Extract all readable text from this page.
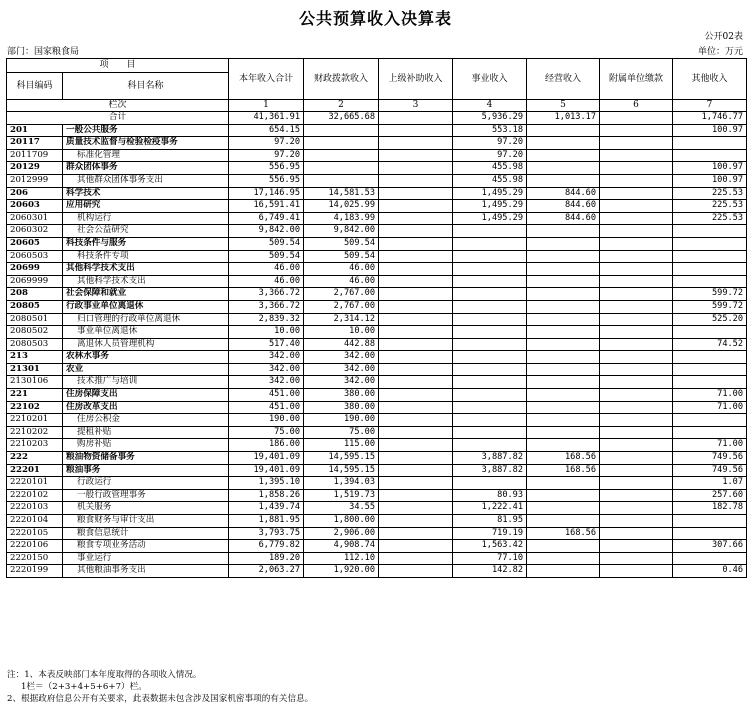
公共预算收入决算表
公开02表
部门：国家粮食局	单位：万元
项　　目		本年收入合计	财政拨款收入	上级补助收入	事业收入	经营收入	附属单位缴款	其他收入
科目编码	科目名称							
栏次		1	2	3	4	5	6	7
合计		41,361.91	32,665.68		5,936.29	1,013.17		1,746.77
201	一般公共服务	654.15			553.18			100.97
20117	质量技术监督与检验检疫事务	97.20			97.20			
2011709	标准化管理	97.20			97.20			
20129	群众团体事务	556.95			455.98			100.97
2012999	其他群众团体事务支出	556.95			455.98			100.97
206	科学技术	17,146.95	14,581.53		1,495.29	844.60		225.53
20603	应用研究	16,591.41	14,025.99		1,495.29	844.60		225.53
2060301	机构运行	6,749.41	4,183.99		1,495.29	844.60		225.53
2060302	社会公益研究	9,842.00	9,842.00					
20605	科技条件与服务	509.54	509.54					
2060503	科技条件专项	509.54	509.54					
20699	其他科学技术支出	46.00	46.00					
2069999	其他科学技术支出	46.00	46.00					
208	社会保障和就业	3,366.72	2,767.00					599.72
20805	行政事业单位离退休	3,366.72	2,767.00					599.72
2080501	归口管理的行政单位离退休	2,839.32	2,314.12					525.20
2080502	事业单位离退休	10.00	10.00					
2080503	离退休人员管理机构	517.40	442.88					74.52
213	农林水事务	342.00	342.00					
21301	农业	342.00	342.00					
2130106	技术推广与培训	342.00	342.00					
221	住房保障支出	451.00	380.00					71.00
22102	住房改革支出	451.00	380.00					71.00
2210201	住房公积金	190.00	190.00					
2210202	提租补贴	75.00	75.00					
2210203	购房补贴	186.00	115.00					71.00
222	粮油物资储备事务	19,401.09	14,595.15		3,887.82	168.56		749.56
22201	粮油事务	19,401.09	14,595.15		3,887.82	168.56		749.56
2220101	行政运行	1,395.10	1,394.03					1.07
2220102	一般行政管理事务	1,858.26	1,519.73		80.93			257.60
2220103	机关服务	1,439.74	34.55		1,222.41			182.78
2220104	粮食财务与审计支出	1,881.95	1,800.00		81.95			
2220105	粮食信息统计	3,793.75	2,906.00		719.19	168.56		
2220106	粮食专项业务活动	6,779.82	4,908.74		1,563.42			307.66
2220150	事业运行	189.20	112.10		77.10			
2220199	其他粮油事务支出	2,063.27	1,920.00		142.82			0.46
注：1、本表反映部门本年度取得的各项收入情况。
1栏＝（2+3+4+5+6+7）栏。
2、根据政府信息公开有关要求，此表数据未包含涉及国家机密事项的有关信息。
